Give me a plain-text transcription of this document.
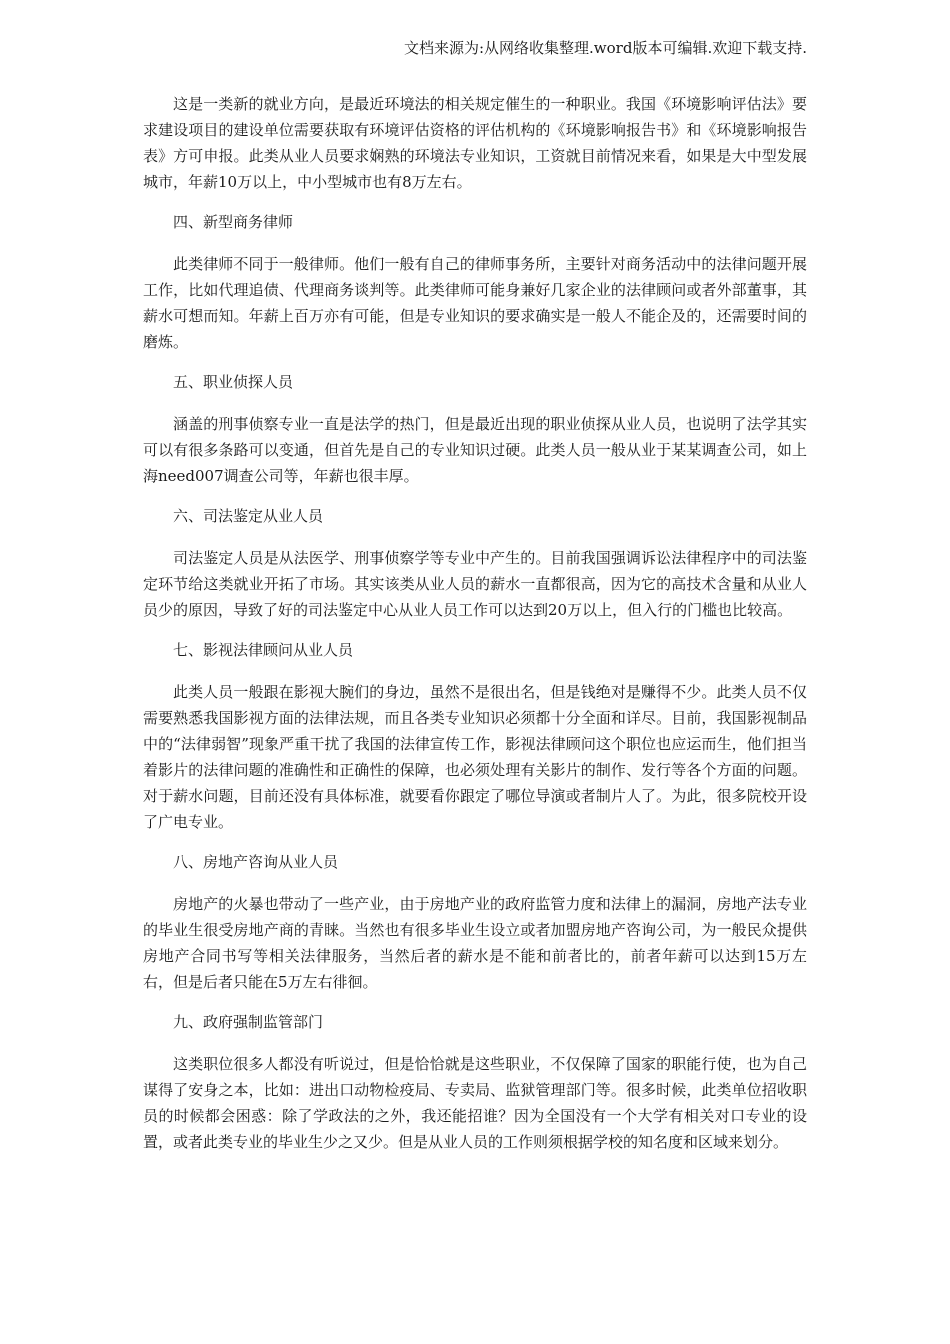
文档来源为:从网络收集整理.word版本可编辑.欢迎下载支持.

这是一类新的就业方向，是最近环境法的相关规定催生的一种职业。我国《环境影响评估法》要求建设项目的建设单位需要获取有环境评估资格的评估机构的《环境影响报告书》和《环境影响报告表》方可申报。此类从业人员要求娴熟的环境法专业知识，工资就目前情况来看，如果是大中型发展城市，年薪10万以上，中小型城市也有8万左右。

四、新型商务律师

此类律师不同于一般律师。他们一般有自己的律师事务所，主要针对商务活动中的法律问题开展工作，比如代理追债、代理商务谈判等。此类律师可能身兼好几家企业的法律顾问或者外部董事，其薪水可想而知。年薪上百万亦有可能，但是专业知识的要求确实是一般人不能企及的，还需要时间的磨炼。

五、职业侦探人员

涵盖的刑事侦察专业一直是法学的热门，但是最近出现的职业侦探从业人员，也说明了法学其实可以有很多条路可以变通，但首先是自己的专业知识过硬。此类人员一般从业于某某调查公司，如上海need007调查公司等，年薪也很丰厚。

六、司法鉴定从业人员

司法鉴定人员是从法医学、刑事侦察学等专业中产生的。目前我国强调诉讼法律程序中的司法鉴定环节给这类就业开拓了市场。其实该类从业人员的薪水一直都很高，因为它的高技术含量和从业人员少的原因，导致了好的司法鉴定中心从业人员工作可以达到20万以上，但入行的门槛也比较高。

七、影视法律顾问从业人员

此类人员一般跟在影视大腕们的身边，虽然不是很出名，但是钱绝对是赚得不少。此类人员不仅需要熟悉我国影视方面的法律法规，而且各类专业知识必须都十分全面和详尽。目前，我国影视制品中的“法律弱智”现象严重干扰了我国的法律宣传工作，影视法律顾问这个职位也应运而生，他们担当着影片的法律问题的准确性和正确性的保障，也必须处理有关影片的制作、发行等各个方面的问题。对于薪水问题，目前还没有具体标准，就要看你跟定了哪位导演或者制片人了。为此，很多院校开设了广电专业。

八、房地产咨询从业人员

房地产的火暴也带动了一些产业，由于房地产业的政府监管力度和法律上的漏洞，房地产法专业的毕业生很受房地产商的青睐。当然也有很多毕业生设立或者加盟房地产咨询公司，为一般民众提供房地产合同书写等相关法律服务，当然后者的薪水是不能和前者比的，前者年薪可以达到15万左右，但是后者只能在5万左右徘徊。

九、政府强制监管部门

这类职位很多人都没有听说过，但是恰恰就是这些职业，不仅保障了国家的职能行使，也为自己谋得了安身之本，比如：进出口动物检疫局、专卖局、监狱管理部门等。很多时候，此类单位招收职员的时候都会困惑：除了学政法的之外，我还能招谁？因为全国没有一个大学有相关对口专业的设置，或者此类专业的毕业生少之又少。但是从业人员的工作则须根据学校的知名度和区域来划分。
